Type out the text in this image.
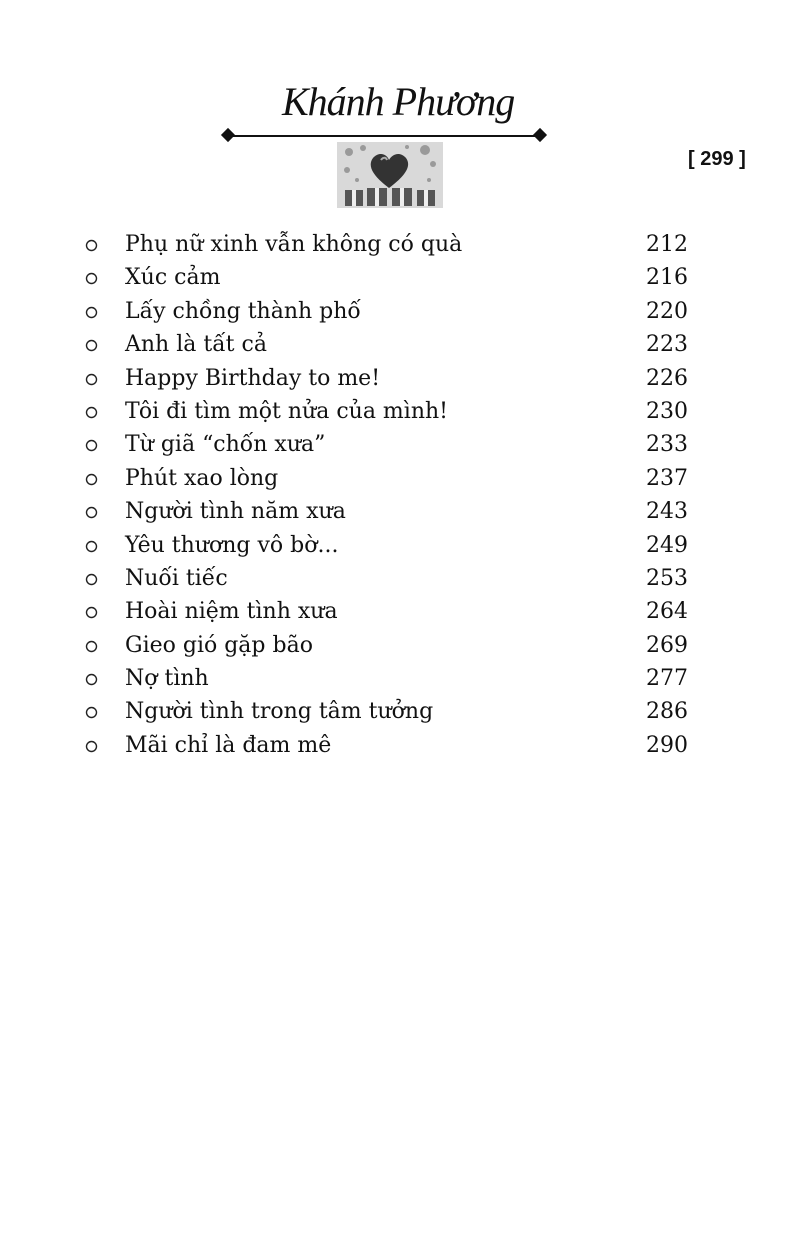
Khánh Phương
[ 299 ]
Phụ nữ xinh vẫn không có quà	212
Xúc cảm	216
Lấy chồng thành phố	220
Anh là tất cả	223
Happy Birthday to me!	226
Tôi đi tìm một nửa của mình!	230
Từ giã “chốn xưa”	233
Phút xao lòng	237
Người tình năm xưa	243
Yêu thương vô bờ...	249
Nuối tiếc	253
Hoài niệm tình xưa	264
Gieo gió gặp bão	269
Nợ tình	277
Người tình trong tâm tưởng	286
Mãi chỉ là đam mê	290
